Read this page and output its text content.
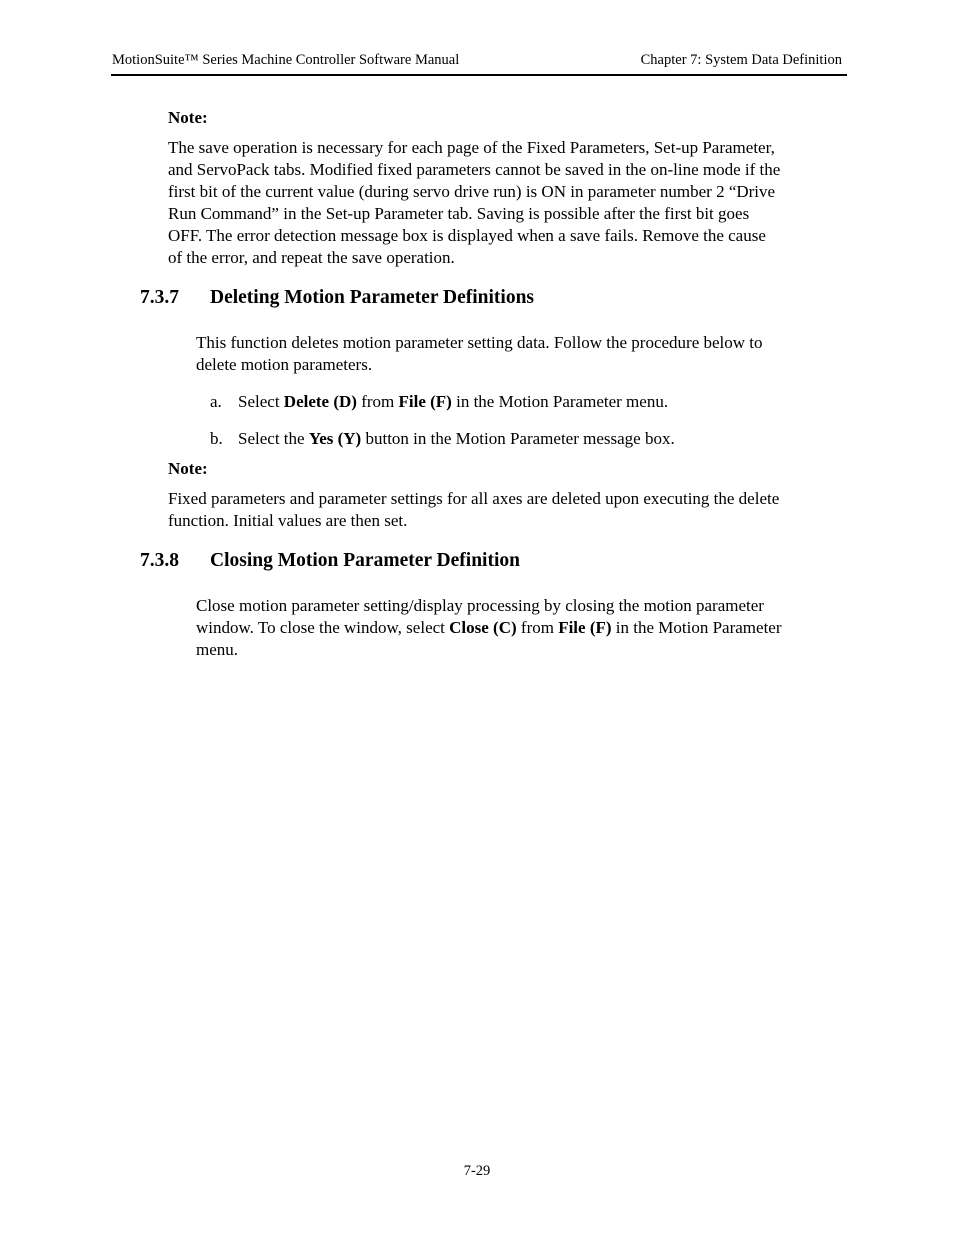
MotionSuite™ Series Machine Controller Software Manual	Chapter 7: System Data Definition
Note:
The save operation is necessary for each page of the Fixed Parameters, Set-up Parameter,
and ServoPack tabs. Modified fixed parameters cannot be saved in the on-line mode if the
first bit of the current value (during servo drive run) is ON in parameter number 2 “Drive
Run Command” in the Set-up Parameter tab. Saving is possible after the first bit goes
OFF. The error detection message box is displayed when a save fails. Remove the cause
of the error, and repeat the save operation.
7.3.7 Deleting Motion Parameter Definitions
This function deletes motion parameter setting data. Follow the procedure below to
delete motion parameters.
a. Select Delete (D) from File (F) in the Motion Parameter menu.
b. Select the Yes (Y) button in the Motion Parameter message box.
Note:
Fixed parameters and parameter settings for all axes are deleted upon executing the delete
function. Initial values are then set.
7.3.8 Closing Motion Parameter Definition
Close motion parameter setting/display processing by closing the motion parameter
window. To close the window, select Close (C) from File (F) in the Motion Parameter
menu.
7-29
